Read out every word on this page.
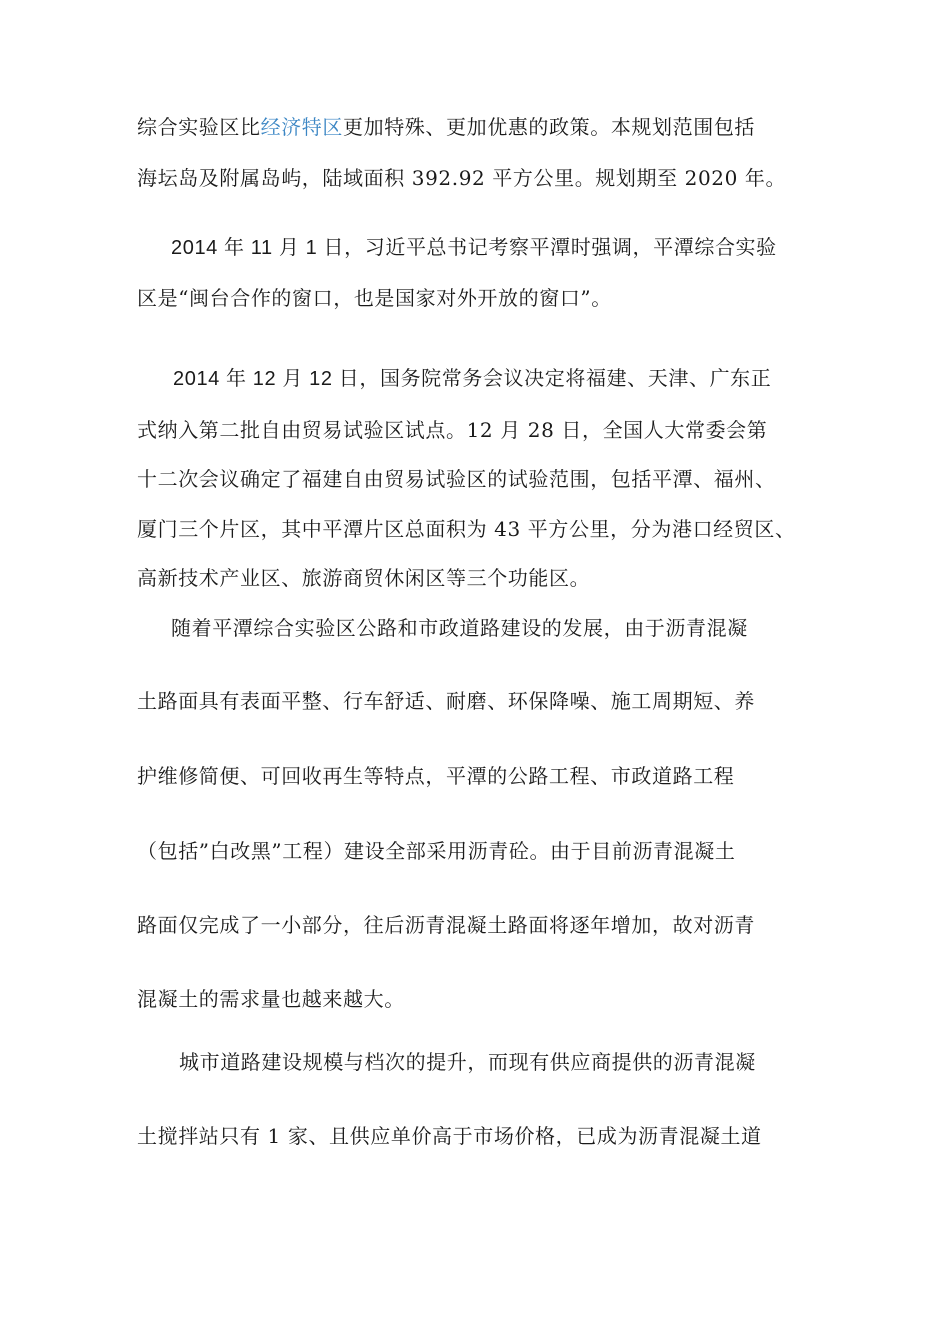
综合实验区比经济特区更加特殊、更加优惠的政策。本规划范围包括
海坛岛及附属岛屿，陆域面积 392.92 平方公里。规划期至 2020 年。
2014 年 11 月 1 日，习近平总书记考察平潭时强调，平潭综合实验
区是“闽台合作的窗口，也是国家对外开放的窗口”。
2014 年 12 月 12 日，国务院常务会议决定将福建、天津、广东正
式纳入第二批自由贸易试验区试点。12 月 28 日，全国人大常委会第
十二次会议确定了福建自由贸易试验区的试验范围，包括平潭、福州、
厦门三个片区，其中平潭片区总面积为 43 平方公里，分为港口经贸区、
高新技术产业区、旅游商贸休闲区等三个功能区。
随着平潭综合实验区公路和市政道路建设的发展，由于沥青混凝
土路面具有表面平整、行车舒适、耐磨、环保降噪、施工周期短、养
护维修简便、可回收再生等特点，平潭的公路工程、市政道路工程
（包括”白改黑”工程）建设全部采用沥青砼。由于目前沥青混凝土
路面仅完成了一小部分，往后沥青混凝土路面将逐年增加，故对沥青
混凝土的需求量也越来越大。
城市道路建设规模与档次的提升，而现有供应商提供的沥青混凝
土搅拌站只有 1 家、且供应单价高于市场价格，已成为沥青混凝土道
